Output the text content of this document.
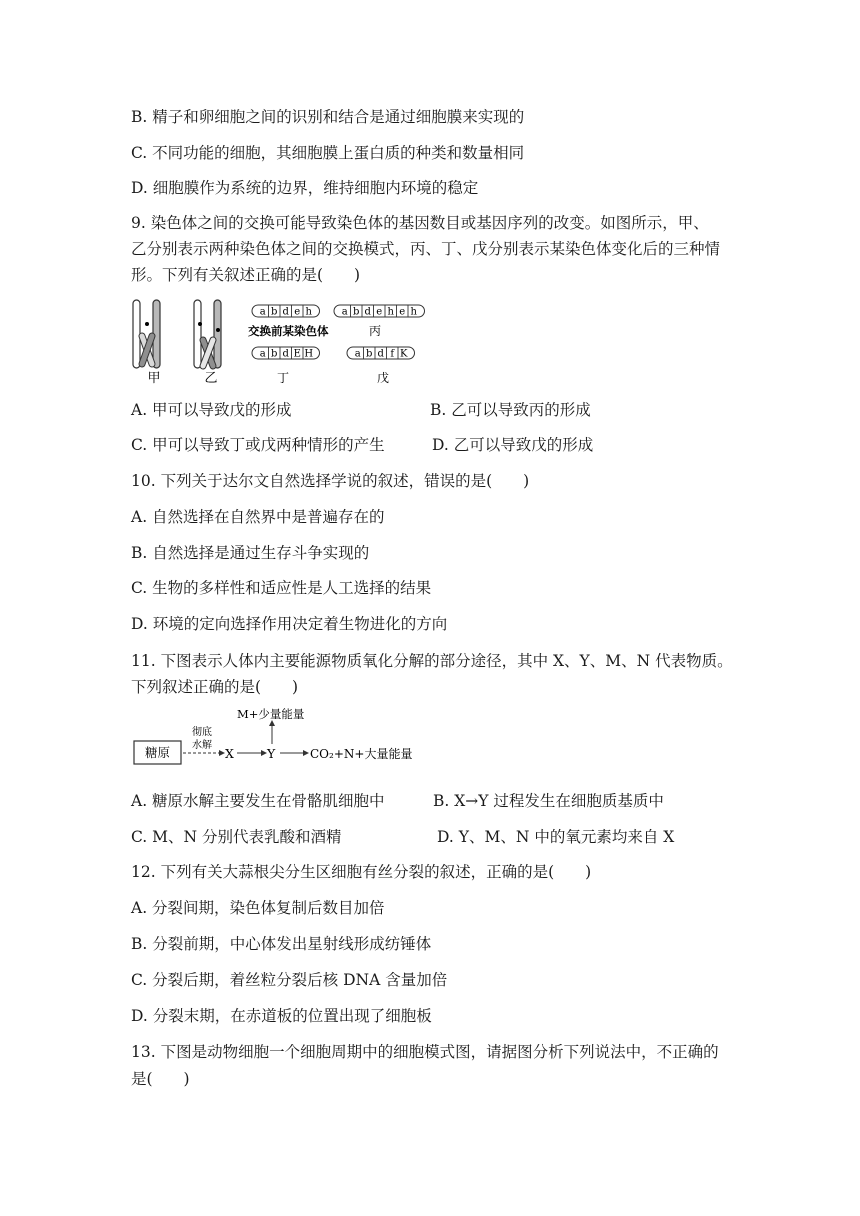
B. 精子和卵细胞之间的识别和结合是通过细胞膜来实现的

C. 不同功能的细胞，其细胞膜上蛋白质的种类和数量相同

D. 细胞膜作为系统的边界，维持细胞内环境的稳定

9. 染色体之间的交换可能导致染色体的基因数目或基因序列的改变。如图所示，甲、

乙分别表示两种染色体之间的交换模式，丙、丁、戊分别表示某染色体变化后的三种情

形。下列有关叙述正确的是(　　)

甲	乙
a b d e h	a b d e h e h
a b d E H	a b d f K
交换前某染色体	丙
丁	戊

A. 甲可以导致戊的形成	B. 乙可以导致丙的形成

C. 甲可以导致丁或戊两种情形的产生	D. 乙可以导致戊的形成

10. 下列关于达尔文自然选择学说的叙述，错误的是(　　)

A. 自然选择在自然界中是普遍存在的

B. 自然选择是通过生存斗争实现的

C. 生物的多样性和适应性是人工选择的结果

D. 环境的定向选择作用决定着生物进化的方向

11. 下图表示人体内主要能源物质氧化分解的部分途径，其中 X、Y、M、N 代表物质。

下列叙述正确的是(　　)

糖原
彻底
水解
X	Y
M+少量能量
CO₂+N+大量能量

A. 糖原水解主要发生在骨骼肌细胞中	B. X→Y 过程发生在细胞质基质中

C. M、N 分别代表乳酸和酒精	D. Y、M、N 中的氧元素均来自 X

12. 下列有关大蒜根尖分生区细胞有丝分裂的叙述，正确的是(　　)

A. 分裂间期，染色体复制后数目加倍

B. 分裂前期，中心体发出星射线形成纺锤体

C. 分裂后期，着丝粒分裂后核 DNA 含量加倍

D. 分裂末期，在赤道板的位置出现了细胞板

13. 下图是动物细胞一个细胞周期中的细胞模式图，请据图分析下列说法中，不正确的

是(　　)
